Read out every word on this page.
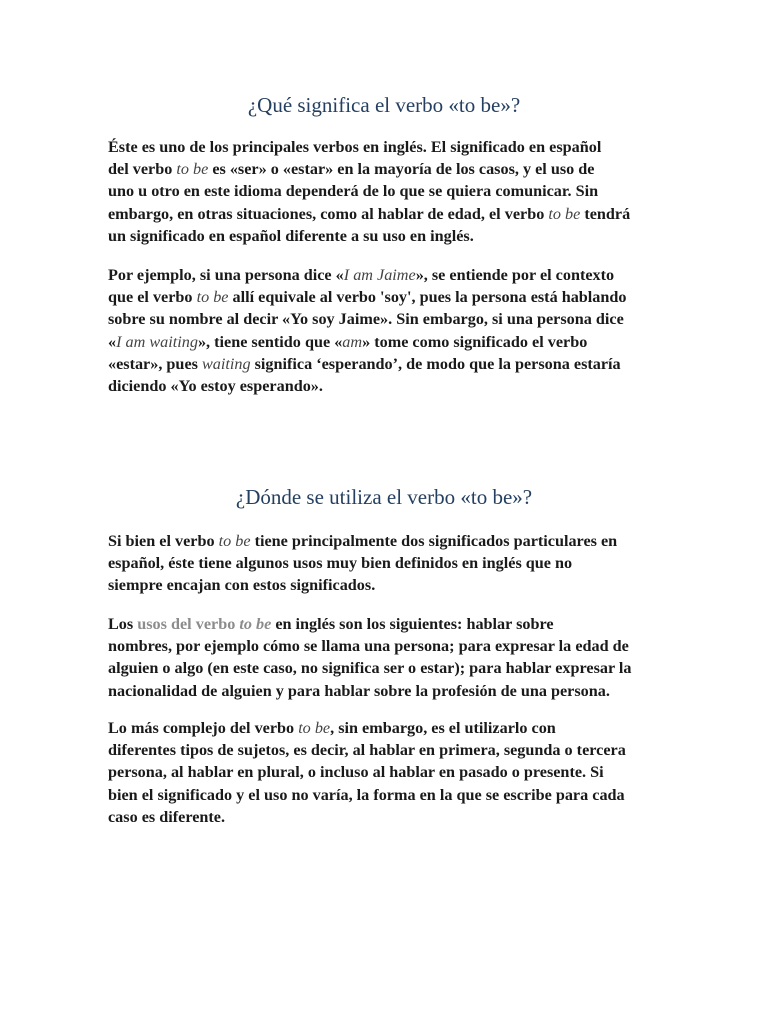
¿Qué significa el verbo «to be»?

Éste es uno de los principales verbos en inglés. El significado en español
del verbo to be es «ser» o «estar» en la mayoría de los casos, y el uso de
uno u otro en este idioma dependerá de lo que se quiera comunicar. Sin
embargo, en otras situaciones, como al hablar de edad, el verbo to be tendrá
un significado en español diferente a su uso en inglés.

Por ejemplo, si una persona dice «I am Jaime», se entiende por el contexto
que el verbo to be allí equivale al verbo 'soy', pues la persona está hablando
sobre su nombre al decir «Yo soy Jaime». Sin embargo, si una persona dice
«I am waiting», tiene sentido que «am» tome como significado el verbo
«estar», pues waiting significa ‘esperando’, de modo que la persona estaría
diciendo «Yo estoy esperando».

¿Dónde se utiliza el verbo «to be»?

Si bien el verbo to be tiene principalmente dos significados particulares en
español, éste tiene algunos usos muy bien definidos en inglés que no
siempre encajan con estos significados.

Los usos del verbo to be en inglés son los siguientes: hablar sobre
nombres, por ejemplo cómo se llama una persona; para expresar la edad de
alguien o algo (en este caso, no significa ser o estar); para hablar expresar la
nacionalidad de alguien y para hablar sobre la profesión de una persona.

Lo más complejo del verbo to be, sin embargo, es el utilizarlo con
diferentes tipos de sujetos, es decir, al hablar en primera, segunda o tercera
persona, al hablar en plural, o incluso al hablar en pasado o presente. Si
bien el significado y el uso no varía, la forma en la que se escribe para cada
caso es diferente.
